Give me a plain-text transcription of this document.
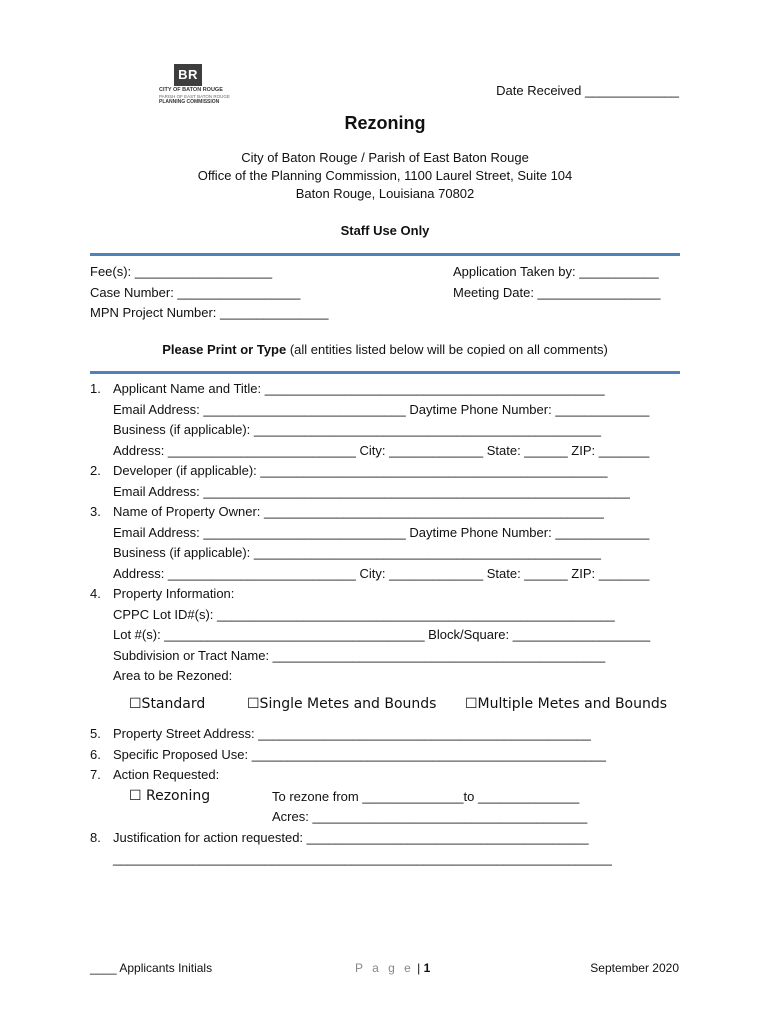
BR
CITY OF BATON ROUGE
PARISH OF EAST BATON ROUGE
PLANNING COMMISSION
Date Received _____________
Rezoning
City of Baton Rouge / Parish of East Baton Rouge
Office of the Planning Commission, 1100 Laurel Street, Suite 104
Baton Rouge, Louisiana 70802
Staff Use Only
Fee(s): ___________________
Case Number: _________________
MPN Project Number: _______________
Application Taken by: ___________
Meeting Date: _________________
Please Print or Type (all entities listed below will be copied on all comments)
1. Applicant Name and Title: _______________________________________________
Email Address: ____________________________ Daytime Phone Number: _____________
Business (if applicable): ________________________________________________
Address: __________________________ City: _____________ State: ______ ZIP: _______
2. Developer (if applicable): ________________________________________________
Email Address: ___________________________________________________________
3. Name of Property Owner: _______________________________________________
Email Address: ____________________________ Daytime Phone Number: _____________
Business (if applicable): ________________________________________________
Address: __________________________ City: _____________ State: ______ ZIP: _______
4. Property Information:
CPPC Lot ID#(s): _______________________________________________________
Lot #(s): ____________________________________ Block/Square: ___________________
Subdivision or Tract Name: ______________________________________________
Area to be Rezoned:
☐Standard	☐Single Metes and Bounds ☐Multiple Metes and Bounds
5. Property Street Address: ______________________________________________
6. Specific Proposed Use: _________________________________________________
7. Action Requested:
☐ Rezoning	To rezone from ______________to ______________
Acres: ______________________________________
8. Justification for action requested: _______________________________________
_____________________________________________________________________
____ Applicants Initials	P a g e | 1	September 2020
